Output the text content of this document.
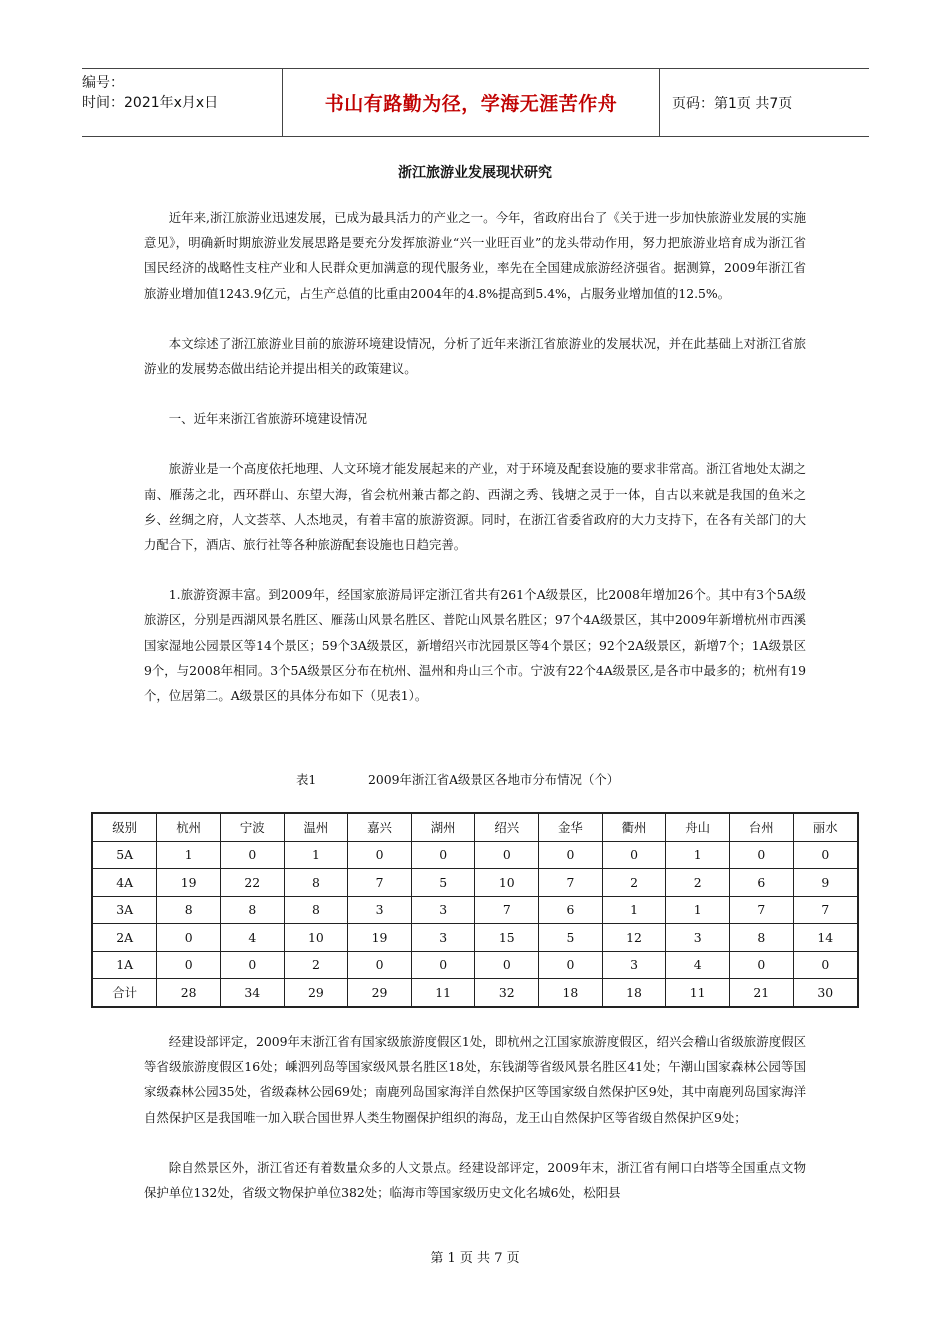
编号：
时间：2021年x月x日	书山有路勤为径，学海无涯苦作舟	页码：第1页 共7页
浙江旅游业发展现状研究

近年来,浙江旅游业迅速发展，已成为最具活力的产业之一。今年，省政府出台了《关于进一步加快旅游业发展的实施意见》，明确新时期旅游业发展思路是要充分发挥旅游业“兴一业旺百业”的龙头带动作用，努力把旅游业培育成为浙江省国民经济的战略性支柱产业和人民群众更加满意的现代服务业，率先在全国建成旅游经济强省。据测算，2009年浙江省旅游业增加值1243.9亿元，占生产总值的比重由2004年的4.8%提高到5.4%，占服务业增加值的12.5%。

本文综述了浙江旅游业目前的旅游环境建设情况，分析了近年来浙江省旅游业的发展状况，并在此基础上对浙江省旅游业的发展势态做出结论并提出相关的政策建议。

一、近年来浙江省旅游环境建设情况

旅游业是一个高度依托地理、人文环境才能发展起来的产业，对于环境及配套设施的要求非常高。浙江省地处太湖之南、雁荡之北，西环群山、东望大海，省会杭州兼古都之韵、西湖之秀、钱塘之灵于一体，自古以来就是我国的鱼米之乡、丝绸之府，人文荟萃、人杰地灵，有着丰富的旅游资源。同时，在浙江省委省政府的大力支持下，在各有关部门的大力配合下，酒店、旅行社等各种旅游配套设施也日趋完善。

1.旅游资源丰富。到2009年，经国家旅游局评定浙江省共有261个A级景区，比2008年增加26个。其中有3个5A级旅游区，分别是西湖风景名胜区、雁荡山风景名胜区、普陀山风景名胜区；97个4A级景区，其中2009年新增杭州市西溪国家湿地公园景区等14个景区；59个3A级景区，新增绍兴市沈园景区等4个景区；92个2A级景区，新增7个；1A级景区9个，与2008年相同。3个5A级景区分布在杭州、温州和舟山三个市。宁波有22个4A级景区,是各市中最多的；杭州有19个，位居第二。A级景区的具体分布如下（见表1）。

表1	2009年浙江省A级景区各地市分布情况（个）
级别	杭州	宁波	温州	嘉兴	湖州	绍兴	金华	衢州	舟山	台州	丽水
5A	1	0	1	0	0	0	0	0	1	0	0
4A	19	22	8	7	5	10	7	2	2	6	9
3A	8	8	8	3	3	7	6	1	1	7	7
2A	0	4	10	19	3	15	5	12	3	8	14
1A	0	0	2	0	0	0	0	3	4	0	0
合计	28	34	29	29	11	32	18	18	11	21	30

经建设部评定，2009年末浙江省有国家级旅游度假区1处，即杭州之江国家旅游度假区，绍兴会稽山省级旅游度假区等省级旅游度假区16处；嵊泗列岛等国家级风景名胜区18处，东钱湖等省级风景名胜区41处；午潮山国家森林公园等国家级森林公园35处，省级森林公园69处；南鹿列岛国家海洋自然保护区等国家级自然保护区9处，其中南鹿列岛国家海洋自然保护区是我国唯一加入联合国世界人类生物圈保护组织的海岛，龙王山自然保护区等省级自然保护区9处；

除自然景区外，浙江省还有着数量众多的人文景点。经建设部评定，2009年末，浙江省有闸口白塔等全国重点文物保护单位132处，省级文物保护单位382处；临海市等国家级历史文化名城6处，松阳县

第 1 页 共 7 页
